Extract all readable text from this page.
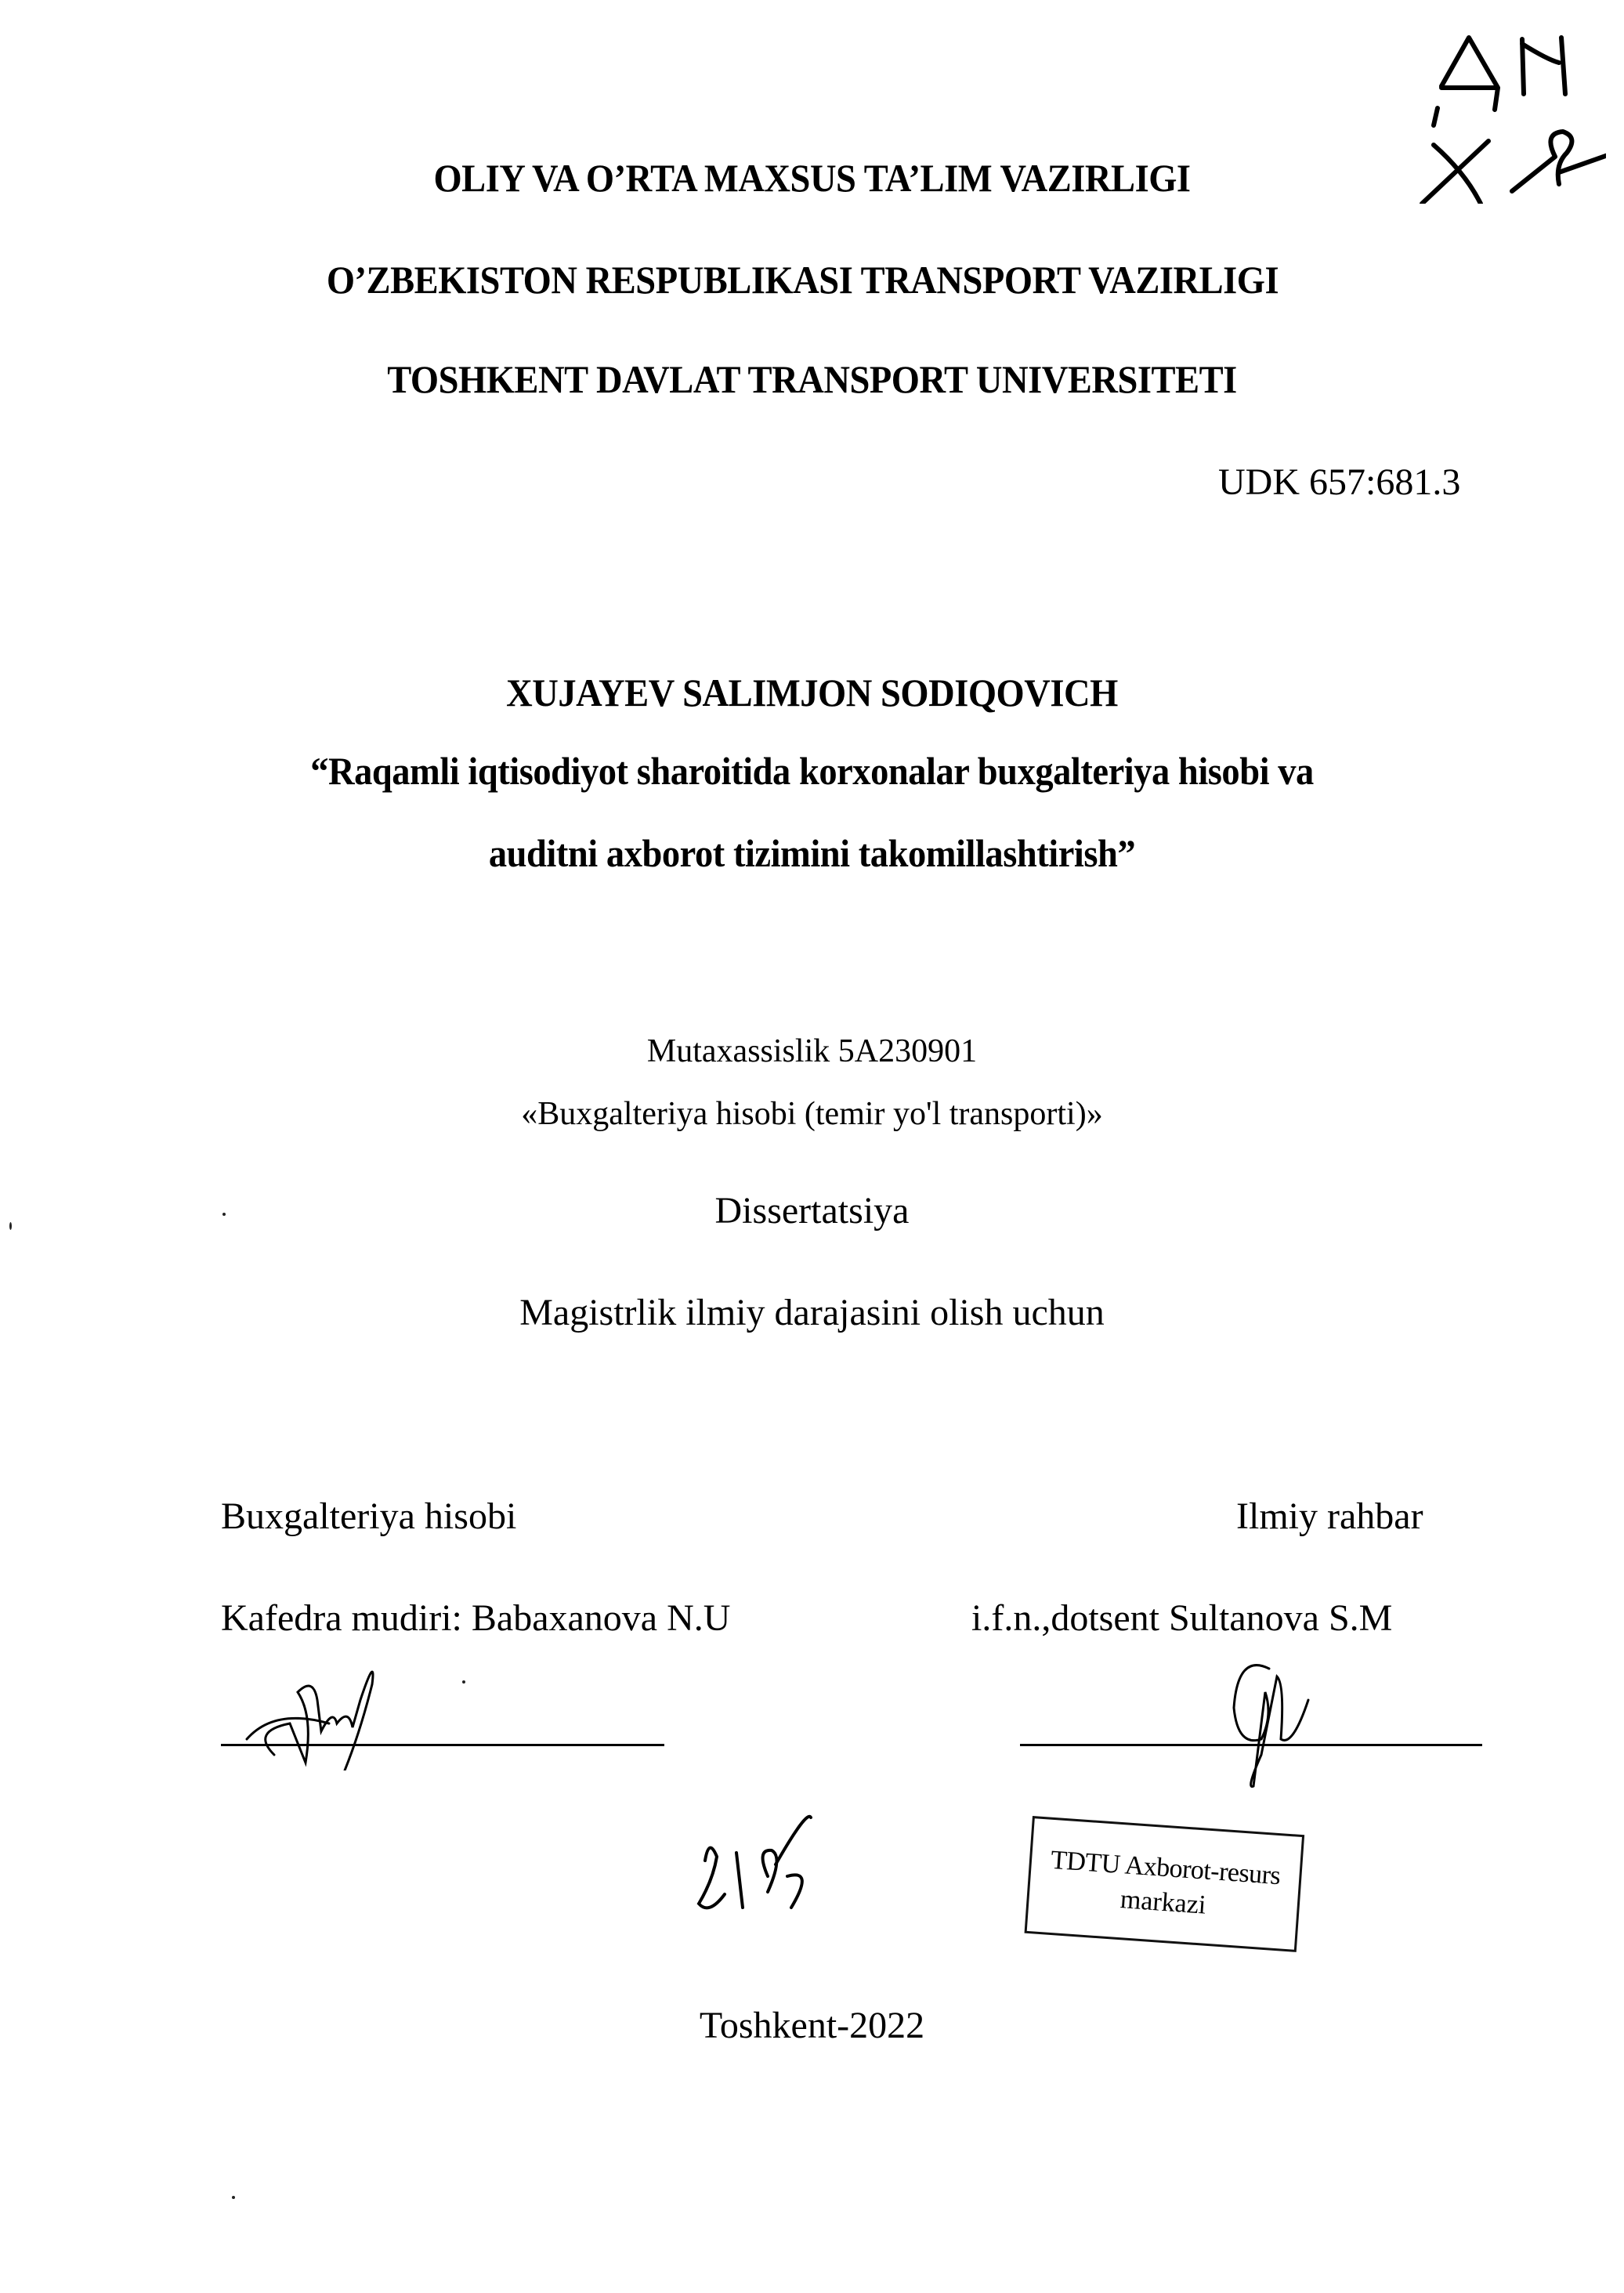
OLIY VA O’RTA MAXSUS TA’LIM VAZIRLIGI
O’ZBEKISTON RESPUBLIKASI TRANSPORT VAZIRLIGI
TOSHKENT DAVLAT TRANSPORT UNIVERSITETI
UDK 657:681.3
XUJAYEV SALIMJON SODIQOVICH
“Raqamli iqtisodiyot sharoitida korxonalar buxgalteriya hisobi va
auditni axborot tizimini takomillashtirish”
Mutaxassislik 5A230901
«Buxgalteriya hisobi (temir yo'l transporti)»
Dissertatsiya
Magistrlik ilmiy darajasini olish uchun
Buxgalteriya hisobi
Kafedra mudiri: Babaxanova N.U
Ilmiy rahbar
i.f.n.,dotsent Sultanova S.M
TDTU Axborot-resurs
markazi
Toshkent-2022
